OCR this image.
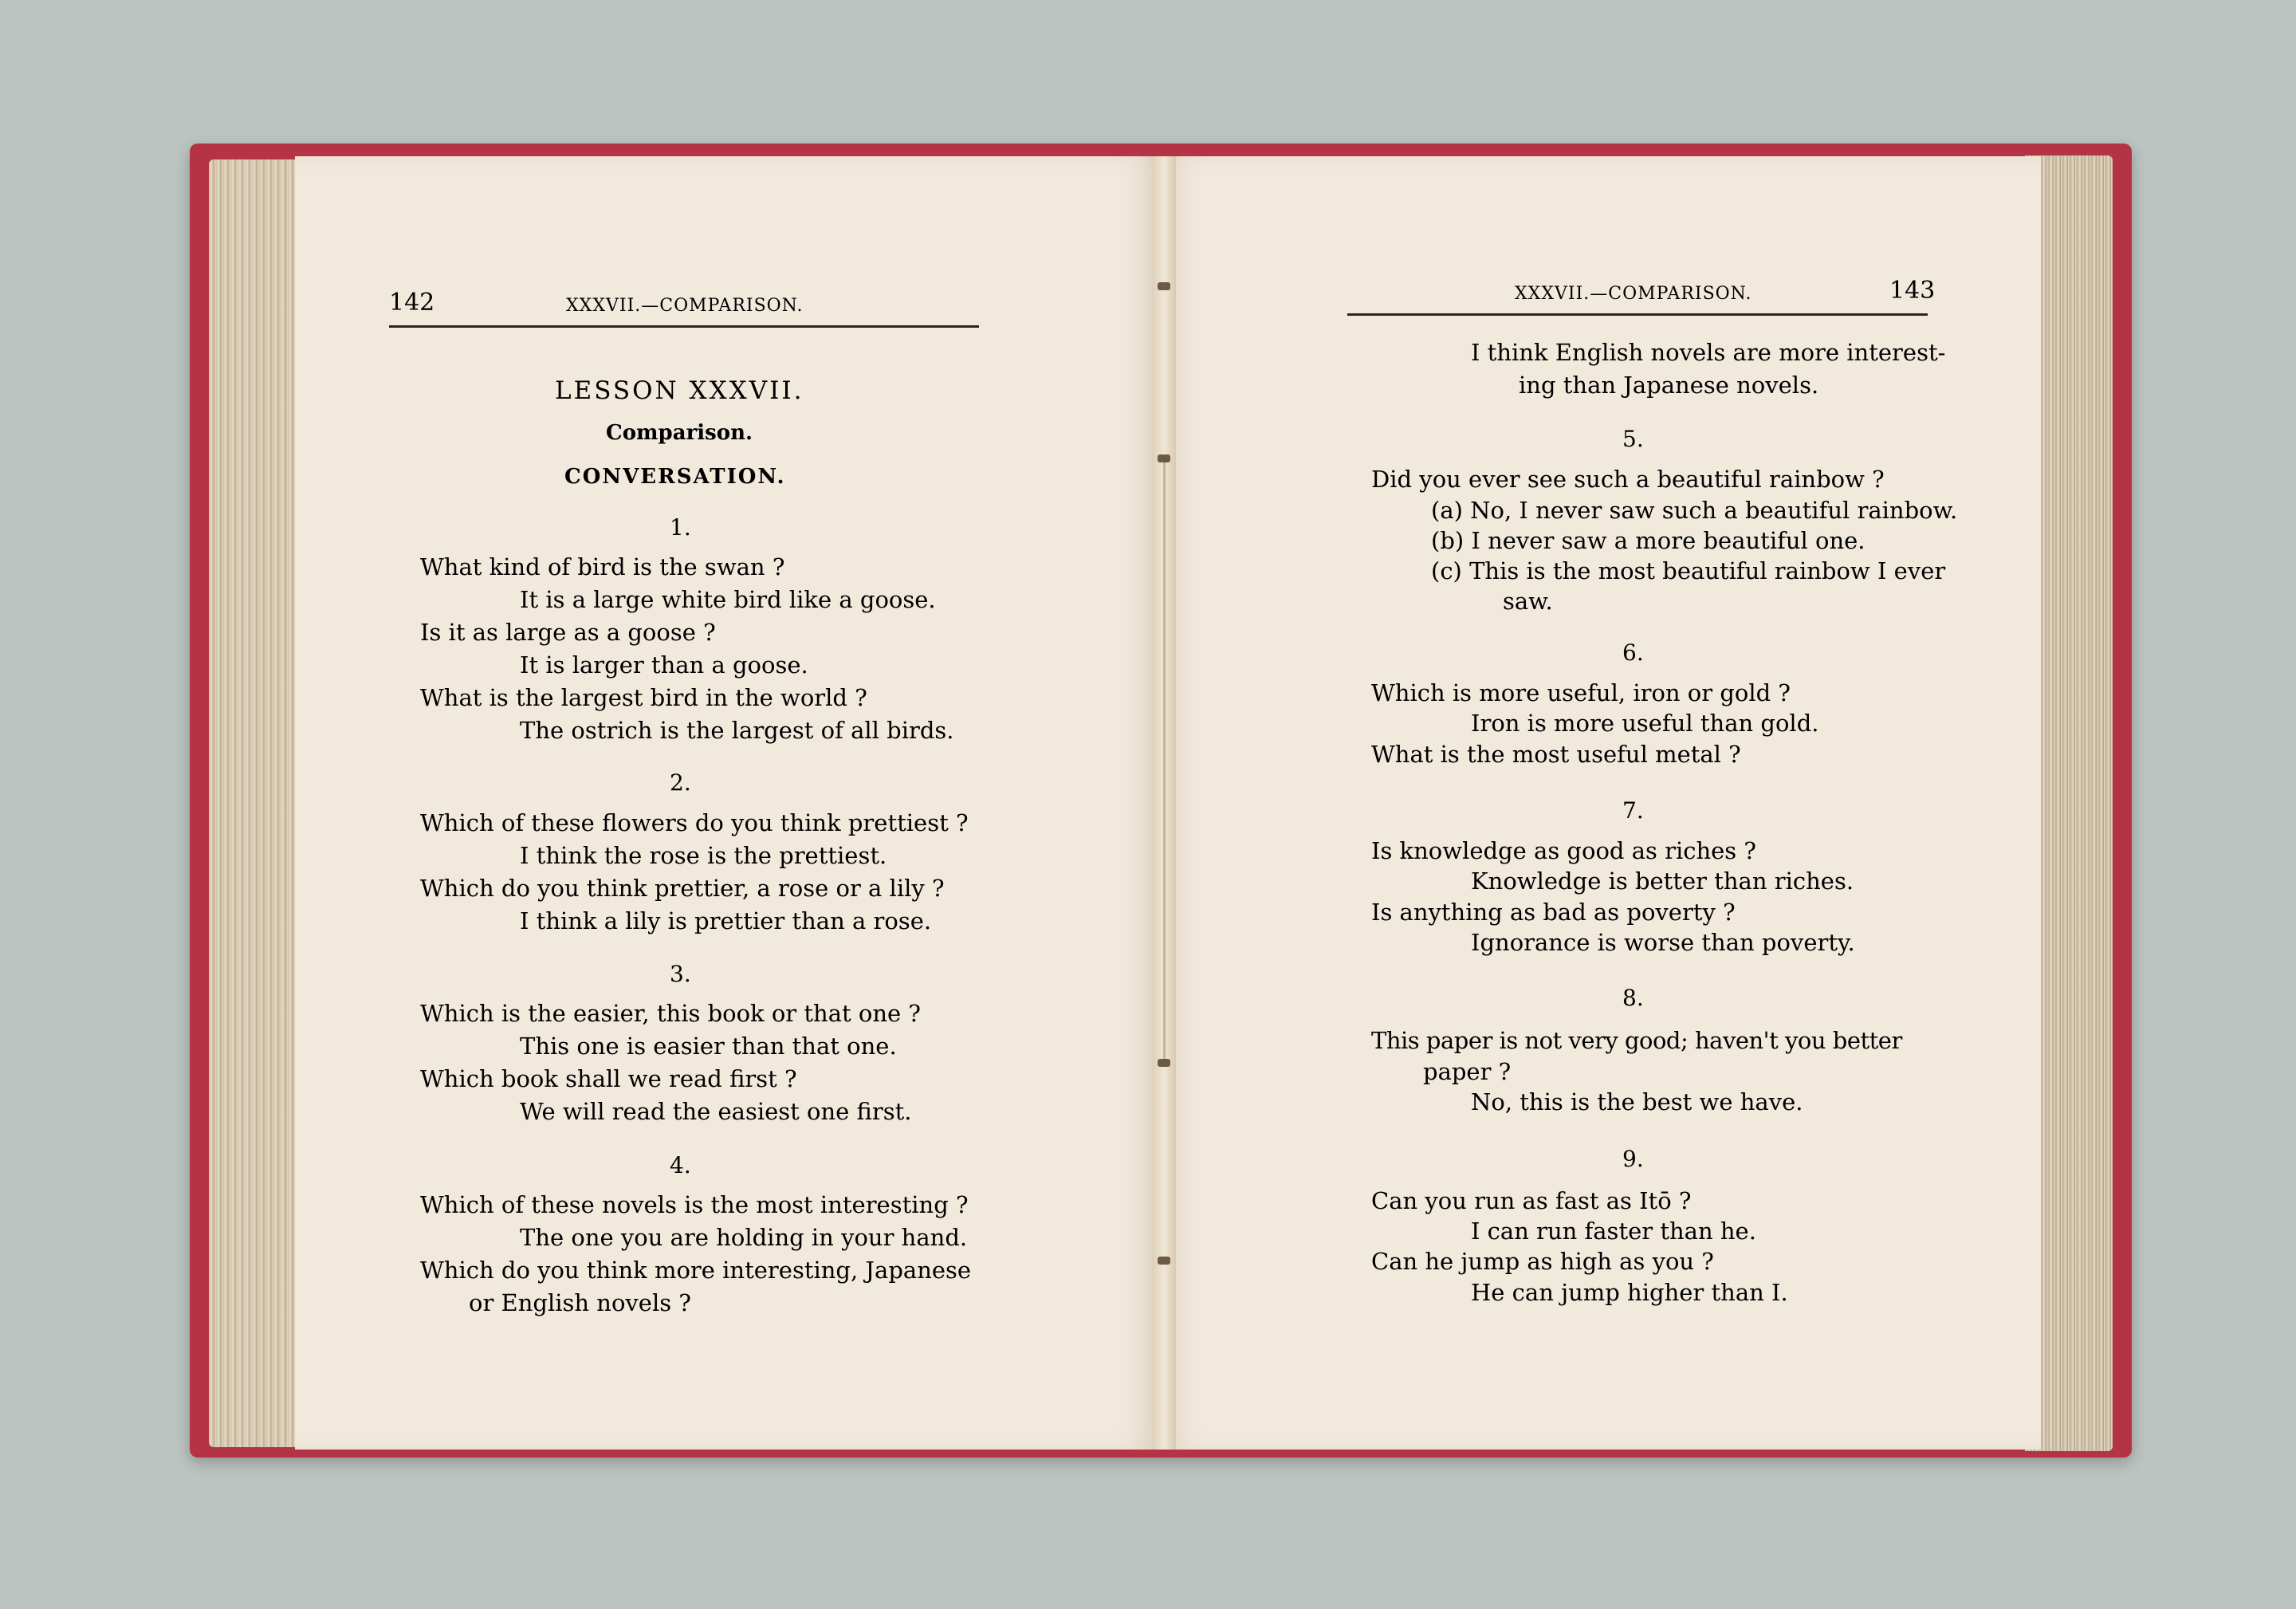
142	XXXVII.—COMPARISON.
LESSON XXXVII.
Comparison.
CONVERSATION.
1.
What kind of bird is the swan ?
It is a large white bird like a goose.
Is it as large as a goose ?
It is larger than a goose.
What is the largest bird in the world ?
The ostrich is the largest of all birds.
2.
Which of these flowers do you think prettiest ?
I think the rose is the prettiest.
Which do you think prettier, a rose or a lily ?
I think a lily is prettier than a rose.
3.
Which is the easier, this book or that one ?
This one is easier than that one.
Which book shall we read first ?
We will read the easiest one first.
4.
Which of these novels is the most interesting ?
The one you are holding in your hand.
Which do you think more interesting, Japanese
or English novels ?
XXXVII.—COMPARISON.	143
I think English novels are more interest-
ing than Japanese novels.
5.
Did you ever see such a beautiful rainbow ?
(a) No, I never saw such a beautiful rainbow.
(b) I never saw a more beautiful one.
(c) This is the most beautiful rainbow I ever
saw.
6.
Which is more useful, iron or gold ?
Iron is more useful than gold.
What is the most useful metal ?
7.
Is knowledge as good as riches ?
Knowledge is better than riches.
Is anything as bad as poverty ?
Ignorance is worse than poverty.
8.
This paper is not very good; haven't you better
paper ?
No, this is the best we have.
9.
Can you run as fast as Itō ?
I can run faster than he.
Can he jump as high as you ?
He can jump higher than I.
